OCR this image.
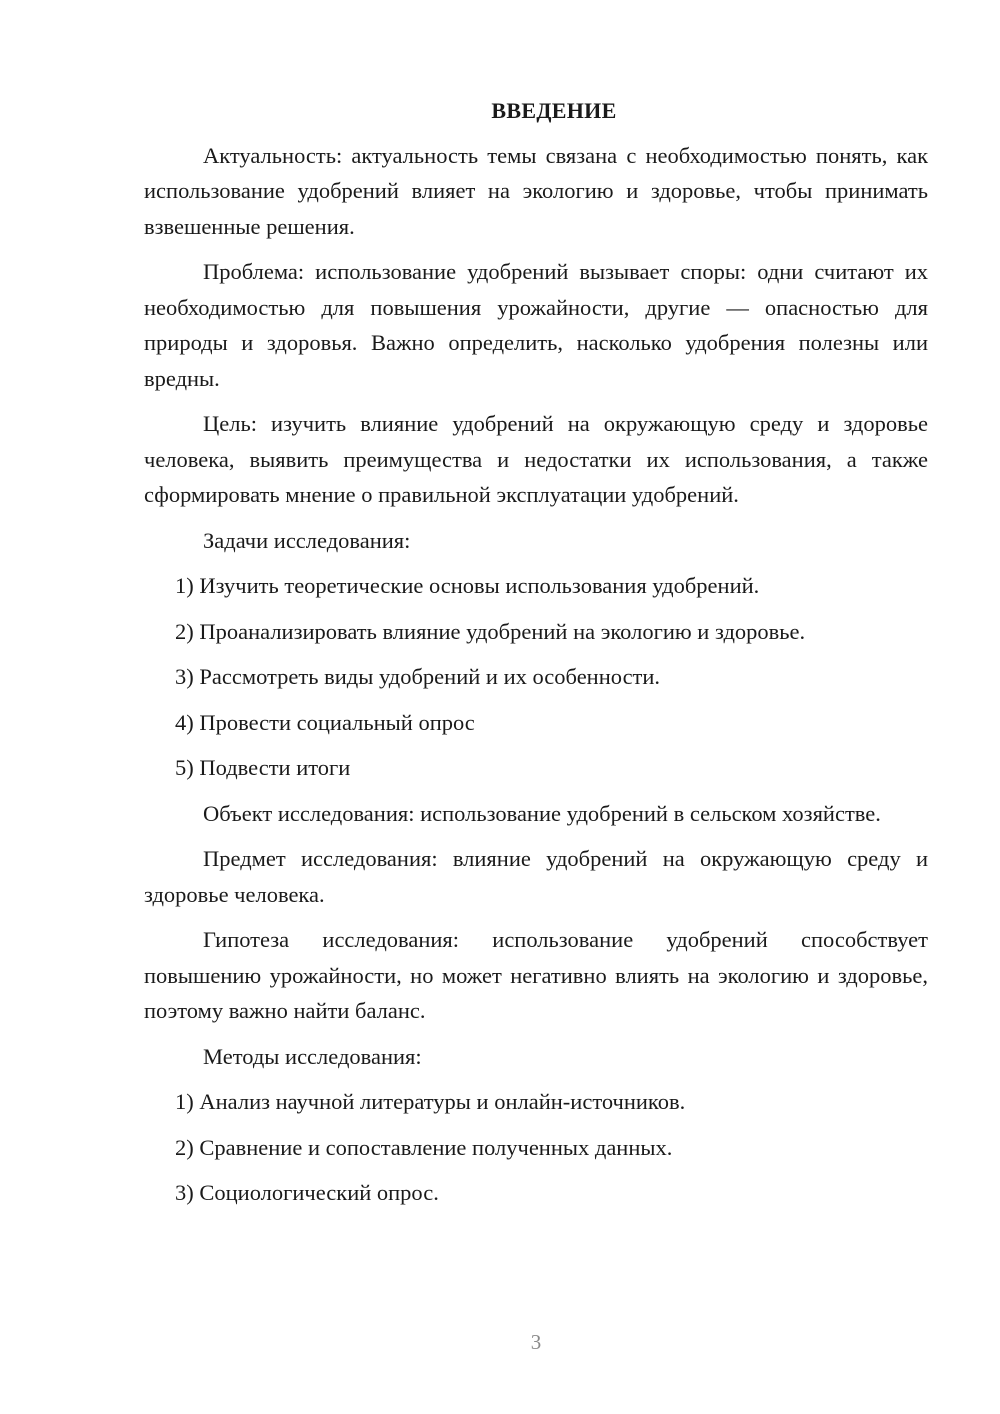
ВВЕДЕНИЕ

Актуальность: актуальность темы связана с необходимостью понять, как использование удобрений влияет на экологию и здоровье, чтобы принимать взвешенные решения.

Проблема: использование удобрений вызывает споры: одни считают их необходимостью для повышения урожайности, другие — опасностью для природы и здоровья. Важно определить, насколько удобрения полезны или вредны.

Цель: изучить влияние удобрений на окружающую среду и здоровье человека, выявить преимущества и недостатки их использования, а также сформировать мнение о правильной эксплуатации удобрений.

Задачи исследования:

1) Изучить теоретические основы использования удобрений.
2) Проанализировать влияние удобрений на экологию и здоровье.
3) Рассмотреть виды удобрений и их особенности.
4) Провести социальный опрос
5) Подвести итоги

Объект исследования: использование удобрений в сельском хозяйстве.

Предмет исследования: влияние удобрений на окружающую среду и здоровье человека.

Гипотеза исследования: использование удобрений способствует повышению урожайности, но может негативно влиять на экологию и здоровье, поэтому важно найти баланс.

Методы исследования:

1) Анализ научной литературы и онлайн-источников.
2) Сравнение и сопоставление полученных данных.
3) Социологический опрос.
3
